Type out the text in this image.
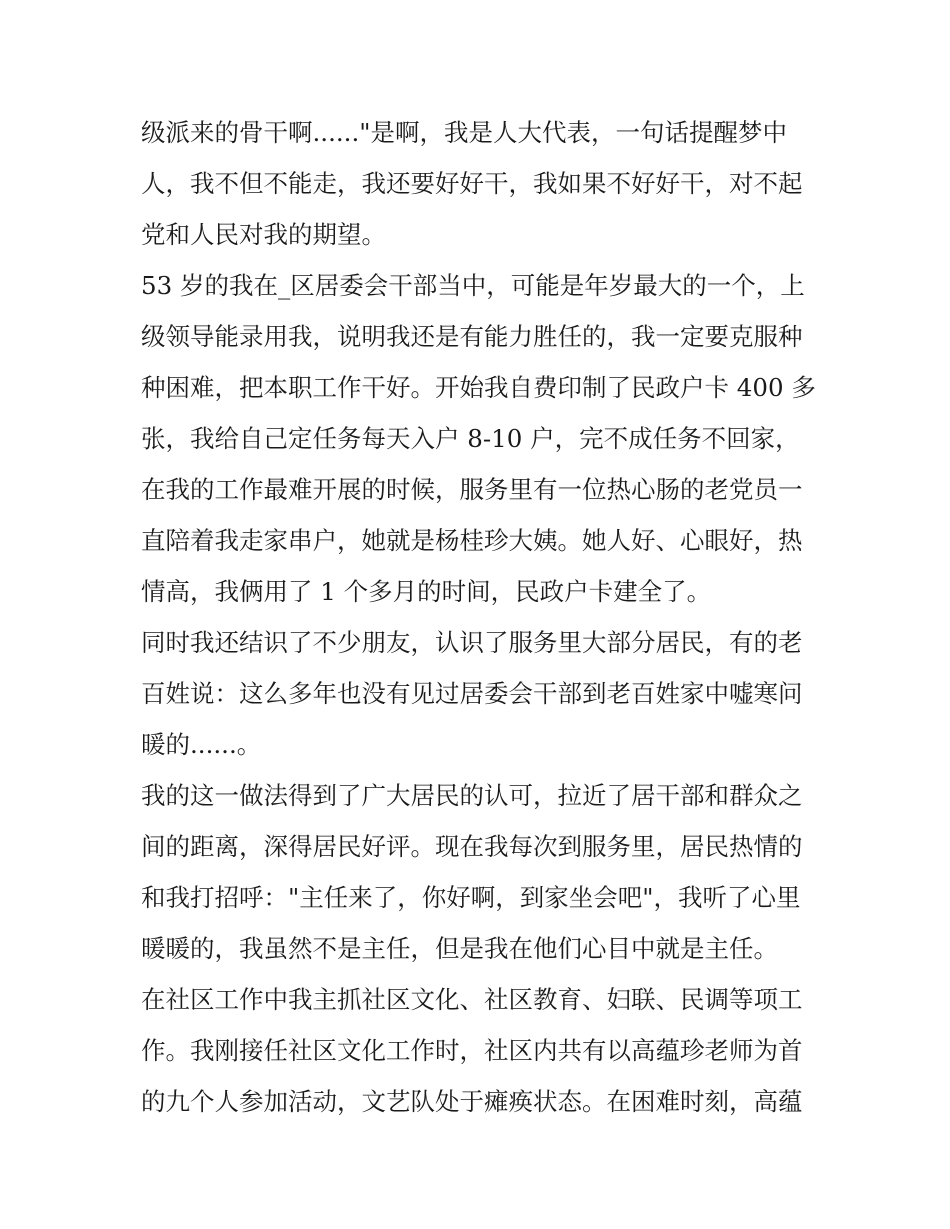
级派来的骨干啊......"是啊，我是人大代表，一句话提醒梦中
人，我不但不能走，我还要好好干，我如果不好好干，对不起
党和人民对我的期望。
53 岁的我在_区居委会干部当中，可能是年岁最大的一个，上
级领导能录用我，说明我还是有能力胜任的，我一定要克服种
种困难，把本职工作干好。开始我自费印制了民政户卡 400 多
张，我给自己定任务每天入户 8-10 户，完不成任务不回家，
在我的工作最难开展的时候，服务里有一位热心肠的老党员一
直陪着我走家串户，她就是杨桂珍大姨。她人好、心眼好，热
情高，我俩用了 1 个多月的时间，民政户卡建全了。
同时我还结识了不少朋友，认识了服务里大部分居民，有的老
百姓说：这么多年也没有见过居委会干部到老百姓家中嘘寒问
暖的......。
我的这一做法得到了广大居民的认可，拉近了居干部和群众之
间的距离，深得居民好评。现在我每次到服务里，居民热情的
和我打招呼："主任来了，你好啊，到家坐会吧"，我听了心里
暖暖的，我虽然不是主任，但是我在他们心目中就是主任。
在社区工作中我主抓社区文化、社区教育、妇联、民调等项工
作。我刚接任社区文化工作时，社区内共有以高蕴珍老师为首
的九个人参加活动，文艺队处于瘫痪状态。在困难时刻，高蕴
